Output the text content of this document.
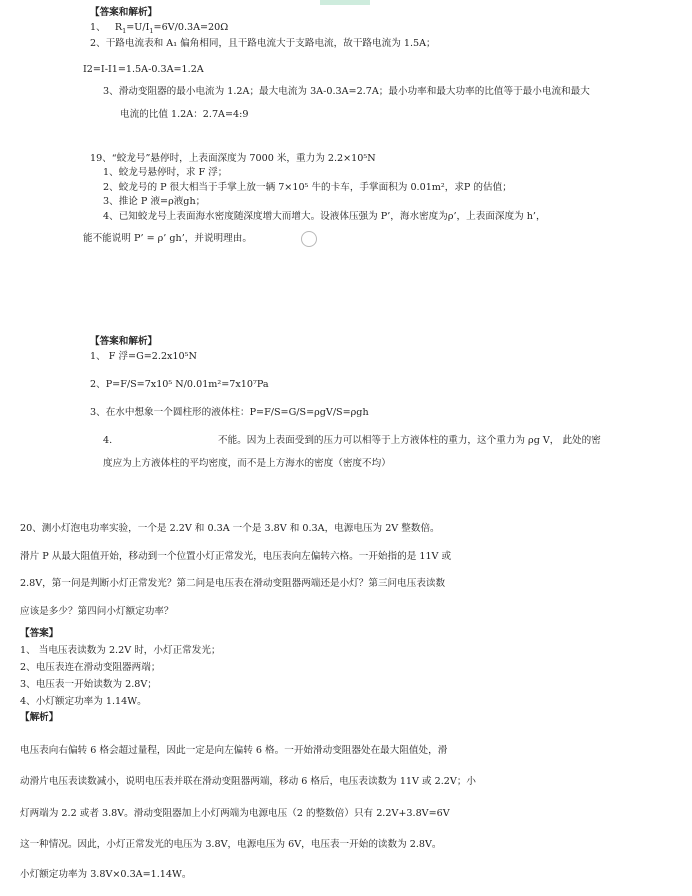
【答案和解析】
1、 $R_1=U/I_1=6V/0.3A=20\Omega$
2、干路电流表和 A₁ 偏角相同，且干路电流大于支路电流，故干路电流为 1.5A；
I2=I-I1=1.5A-0.3A=1.2A
3、滑动变阻器的最小电流为 1.2A；最大电流为 3A-0.3A=2.7A；最小功率和最大功率的比值等于最小电流和最大
电流的比值 1.2A：2.7A=4:9
19、“蛟龙号”悬停时，上表面深度为 7000 米，重力为 2.2×10⁵N
1、蛟龙号悬停时，求 F 浮；
2、蛟龙号的 P 很大相当于手掌上放一辆 7×10⁵ 牛的卡车，手掌面积为 0.01m²，求P 的估值；
3、推论 P 液=ρ液gh；
4、已知蛟龙号上表面海水密度随深度增大而增大。设液体压强为 P’，海水密度为ρ’，上表面深度为 h’，
能不能说明 P’ = ρ’ gh’，并说明理由。
【答案和解析】
1、 F 浮=G=2.2x10⁵N
2、P=F/S=7x10⁵ N/0.01m²=7x10⁷Pa
3、在水中想象一个圆柱形的液体柱：P=F/S=G/S=ρgV/S=ρgh
4.	不能。因为上表面受到的压力可以相等于上方液体柱的重力，这个重力为 ρg V， 此处的密
度应为上方液体柱的平均密度，而不是上方海水的密度（密度不均）
20、测小灯泡电功率实验，一个是 2.2V 和 0.3A 一个是 3.8V 和 0.3A，电源电压为 2V 整数倍。
滑片 P 从最大阻值开始，移动到一个位置小灯正常发光，电压表向左偏转六格。一开始指的是 11V 或
2.8V，第一问是判断小灯正常发光？第二问是电压表在滑动变阻器两端还是小灯？第三问电压表读数
应该是多少？第四问小灯额定功率？
【答案】
1、 当电压表读数为 2.2V 时，小灯正常发光；
2、电压表连在滑动变阻器两端；
3、电压表一开始读数为 2.8V；
4、小灯额定功率为 1.14W。
【解析】
电压表向右偏转 6 格会超过量程，因此一定是向左偏转 6 格。一开始滑动变阻器处在最大阻值处，滑
动滑片电压表读数减小，说明电压表并联在滑动变阻器两端，移动 6 格后，电压表读数为 11V 或 2.2V；小
灯两端为 2.2 或者 3.8V。滑动变阻器加上小灯两端为电源电压（2 的整数倍）只有 2.2V+3.8V=6V
这一种情况。因此，小灯正常发光的电压为 3.8V，电源电压为 6V，电压表一开始的读数为 2.8V。
小灯额定功率为 3.8V×0.3A=1.14W。
